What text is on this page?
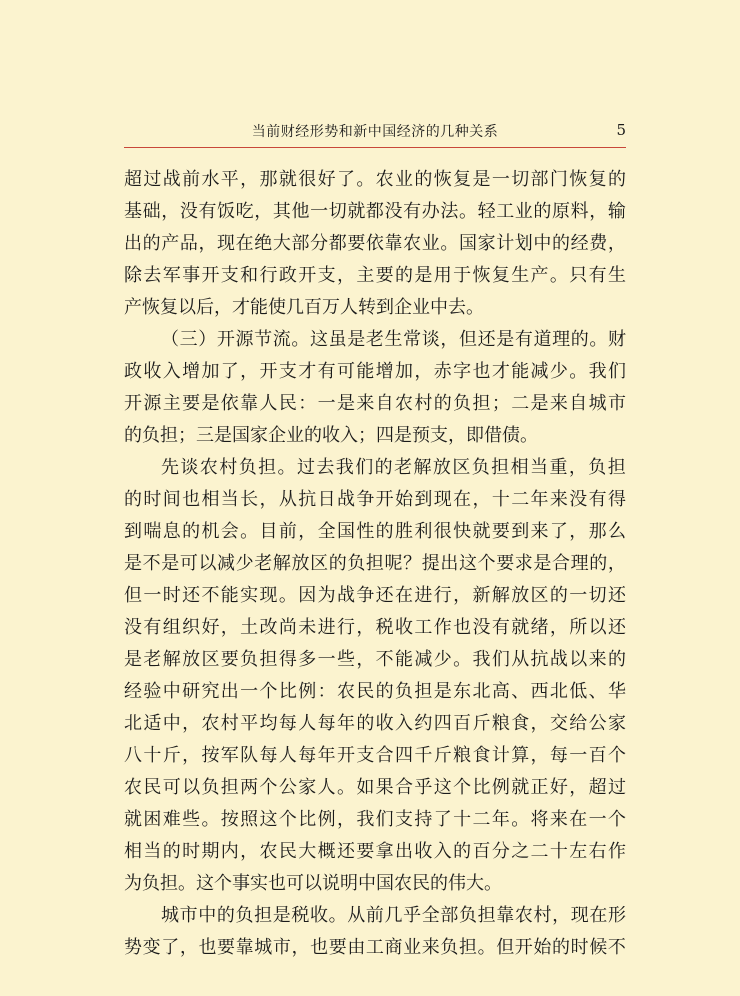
当前财经形势和新中国经济的几种关系	5
超 过 战 前 水 平 ， 那 就 很 好 了 。 农 业 的 恢 复 是 一 切 部 门 恢 复 的
基 础 ， 没 有 饭 吃 ， 其 他 一 切 就 都 没 有 办 法 。 轻 工 业 的 原 料 ， 输
出 的 产 品 ， 现 在 绝 大 部 分 都 要 依 靠 农 业 。 国 家 计 划 中 的 经 费 ，
除 去 军 事 开 支 和 行 政 开 支 ， 主 要 的 是 用 于 恢 复 生 产 。 只 有 生
产 恢 复 以 后 ， 才 能 使 几 百 万 人 转 到 企 业 中 去 。
（ 三 ） 开 源 节 流 。 这 虽 是 老 生 常 谈 ， 但 还 是 有 道 理 的 。 财
政 收 入 增 加 了 ， 开 支 才 有 可 能 增 加 ， 赤 字 也 才 能 减 少 。 我 们
开 源 主 要 是 依 靠 人 民 ： 一 是 来 自 农 村 的 负 担 ； 二 是 来 自 城 市
的 负 担 ； 三 是 国 家 企 业 的 收 入 ； 四 是 预 支 ， 即 借 债 。
先 谈 农 村 负 担 。 过 去 我 们 的 老 解 放 区 负 担 相 当 重 ， 负 担
的 时 间 也 相 当 长 ， 从 抗 日 战 争 开 始 到 现 在 ， 十 二 年 来 没 有 得
到 喘 息 的 机 会 。 目 前 ， 全 国 性 的 胜 利 很 快 就 要 到 来 了 ， 那 么
是 不 是 可 以 减 少 老 解 放 区 的 负 担 呢 ？ 提 出 这 个 要 求 是 合 理 的 ，
但 一 时 还 不 能 实 现 。 因 为 战 争 还 在 进 行 ， 新 解 放 区 的 一 切 还
没 有 组 织 好 ， 土 改 尚 未 进 行 ， 税 收 工 作 也 没 有 就 绪 ， 所 以 还
是 老 解 放 区 要 负 担 得 多 一 些 ， 不 能 减 少 。 我 们 从 抗 战 以 来 的
经 验 中 研 究 出 一 个 比 例 ： 农 民 的 负 担 是 东 北 高 、 西 北 低 、 华
北 适 中 ， 农 村 平 均 每 人 每 年 的 收 入 约 四 百 斤 粮 食 ， 交 给 公 家
八 十 斤 ， 按 军 队 每 人 每 年 开 支 合 四 千 斤 粮 食 计 算 ， 每 一 百 个
农 民 可 以 负 担 两 个 公 家 人 。 如 果 合 乎 这 个 比 例 就 正 好 ， 超 过
就 困 难 些 。 按 照 这 个 比 例 ， 我 们 支 持 了 十 二 年 。 将 来 在 一 个
相 当 的 时 期 内 ， 农 民 大 概 还 要 拿 出 收 入 的 百 分 之 二 十 左 右 作
为 负 担 。 这 个 事 实 也 可 以 说 明 中 国 农 民 的 伟 大 。
城 市 中 的 负 担 是 税 收 。 从 前 几 乎 全 部 负 担 靠 农 村 ， 现 在 形
势 变 了 ， 也 要 靠 城 市 ， 也 要 由 工 商 业 来 负 担 。 但 开 始 的 时 候 不
